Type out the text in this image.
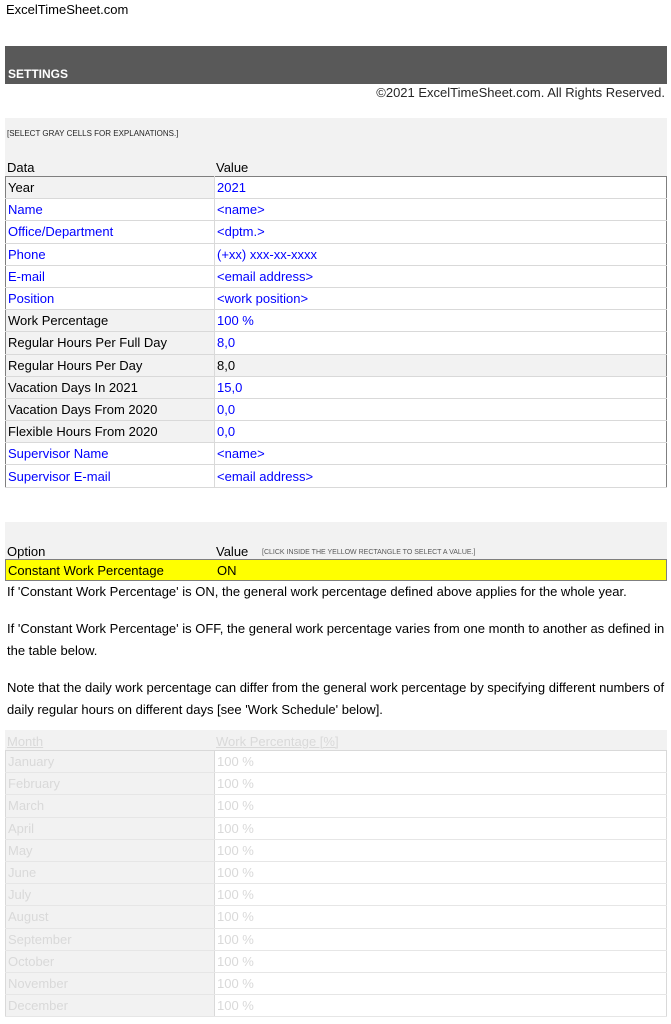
ExcelTimeSheet.com
SETTINGS
©2021 ExcelTimeSheet.com. All Rights Reserved.
[SELECT GRAY CELLS FOR EXPLANATIONS.]
Data	Value
Year	2021
Name	<name>
Office/Department	<dptm.>
Phone	(+xx) xxx-xx-xxxx
E-mail	<email address>
Position	<work position>
Work Percentage	100 %
Regular Hours Per Full Day	8,0
Regular Hours Per Day	8,0
Vacation Days In 2021	15,0
Vacation Days From 2020	0,0
Flexible Hours From 2020	0,0
Supervisor Name	<name>
Supervisor E-mail	<email address>
Option	Value [CLICK INSIDE THE YELLOW RECTANGLE TO SELECT A VALUE.]
Constant Work Percentage	ON
If 'Constant Work Percentage' is ON, the general work percentage defined above applies for the whole year.
If 'Constant Work Percentage' is OFF, the general work percentage varies from one month to another as defined in the table below.
Note that the daily work percentage can differ from the general work percentage by specifying different numbers of daily regular hours on different days [see 'Work Schedule' below].
Month	Work Percentage [%]
January	100 %
February	100 %
March	100 %
April	100 %
May	100 %
June	100 %
July	100 %
August	100 %
September	100 %
October	100 %
November	100 %
December	100 %
